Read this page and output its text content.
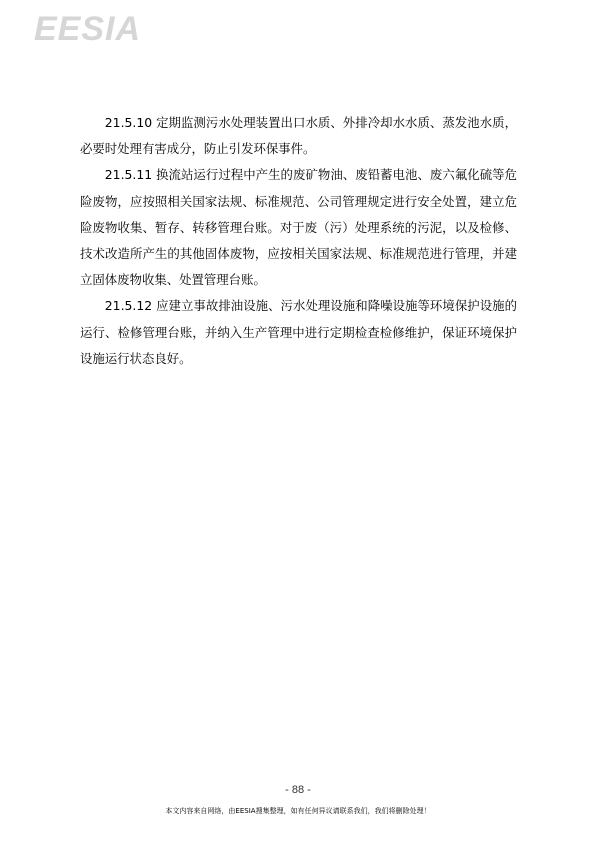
EESIA

21.5.10 定期监测污水处理装置出口水质、外排冷却水水质、蒸发池水质，必要时处理有害成分，防止引发环保事件。

21.5.11 换流站运行过程中产生的废矿物油、废铅蓄电池、废六氟化硫等危险废物，应按照相关国家法规、标准规范、公司管理规定进行安全处置，建立危险废物收集、暂存、转移管理台账。对于废（污）处理系统的污泥，以及检修、技术改造所产生的其他固体废物，应按相关国家法规、标准规范进行管理，并建立固体废物收集、处置管理台账。

21.5.12 应建立事故排油设施、污水处理设施和降噪设施等环境保护设施的运行、检修管理台账，并纳入生产管理中进行定期检查检修维护，保证环境保护设施运行状态良好。

- 88 -
本文内容来自网络，由EESIA搜集整理，如有任何异议请联系我们，我们将删除处理！
